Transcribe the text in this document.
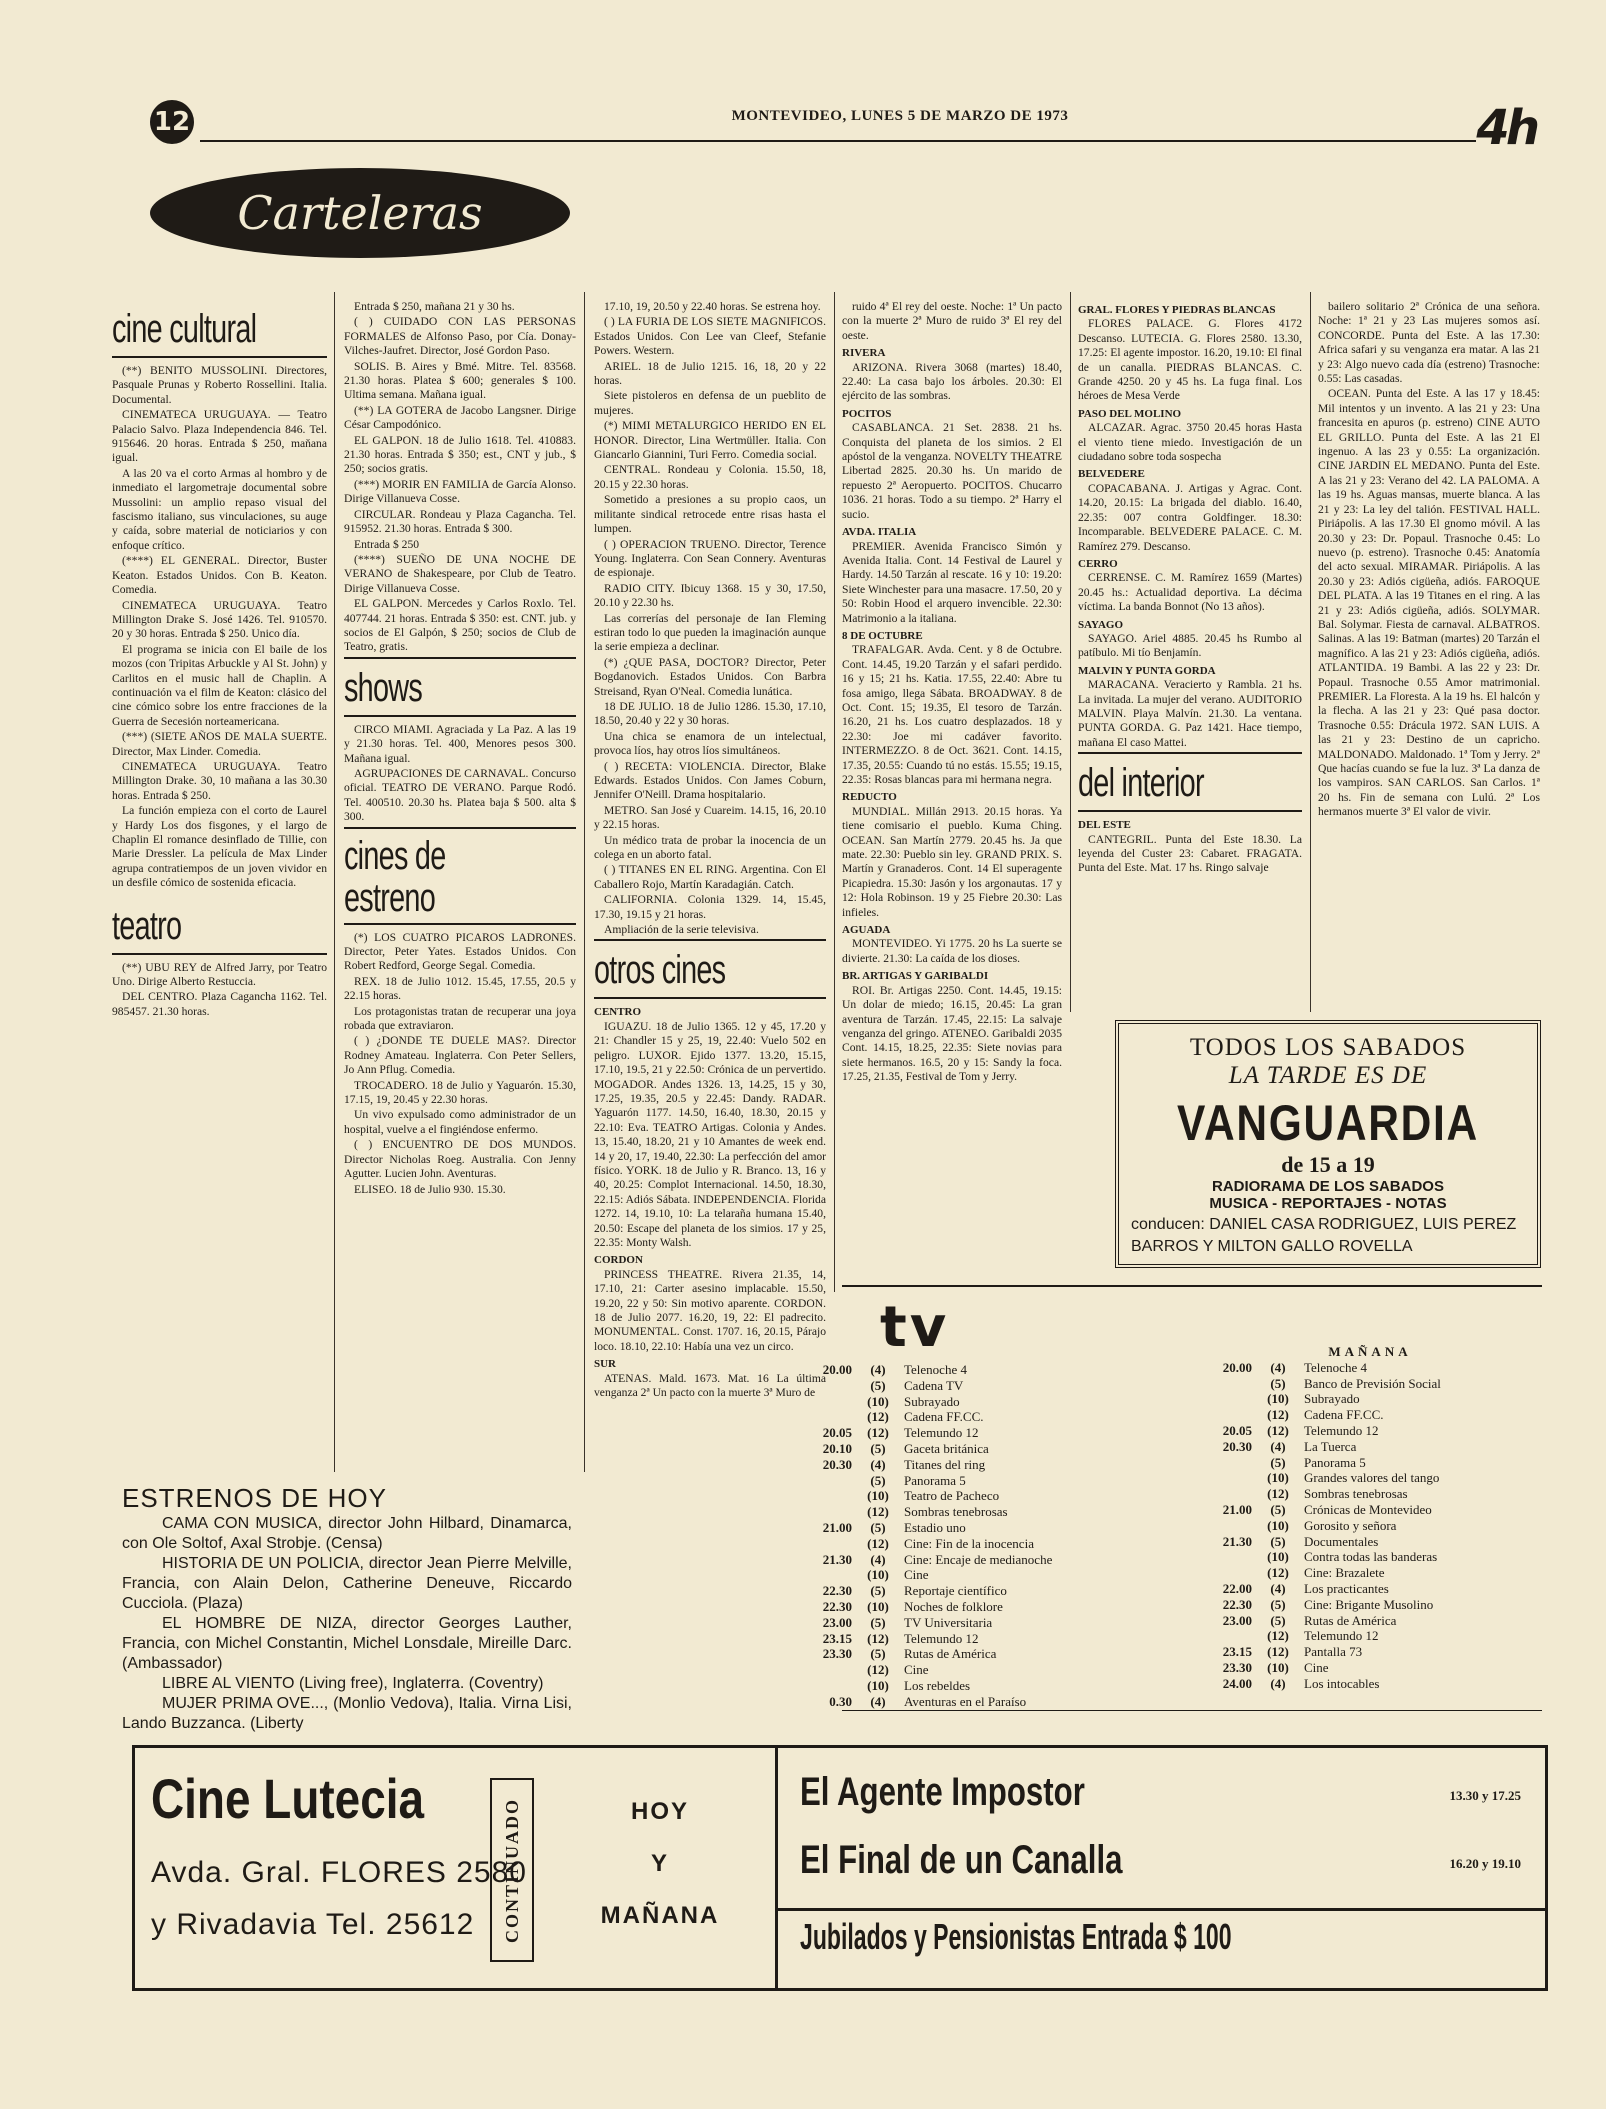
12	MONTEVIDEO, LUNES 5 DE MARZO DE 1973	4h
Carteleras
cine cultural

(**) BENITO MUSSOLINI. Directores, Pasquale Prunas y Roberto Rossellini. Italia. Documental.

CINEMATECA URUGUAYA. — Teatro Palacio Salvo. Plaza Independencia 846. Tel. 915646. 20 horas. Entrada $ 250, maňana igual.

A las 20 va el corto Armas al hombro y de inmediato el largometraje documental sobre Mussolini: un amplio repaso visual del fascismo italiano, sus vinculaciones, su auge y caída, sobre material de noticiarios y con enfoque crítico.

(****) EL GENERAL. Director, Buster Keaton. Estados Unidos. Con B. Keaton. Comedia.

CINEMATECA URUGUAYA. Teatro Millington Drake S. José 1426. Tel. 910570. 20 y 30 horas. Entrada $ 250. Unico día.

El programa se inicia con El baile de los mozos (con Tripitas Arbuckle y Al St. John) y Carlitos en el music hall de Chaplin. A continuación va el film de Keaton: clásico del cine cómico sobre los entre fracciones de la Guerra de Secesión norteamericana.

(***) (SIETE AÑOS DE MALA SUERTE. Director, Max Linder. Comedia.

CINEMATECA URUGUAYA. Teatro Millington Drake. 30, 10 mañana a las 30.30 horas. Entrada $ 250.

La función empieza con el corto de Laurel y Hardy Los dos fisgones, y el largo de Chaplin El romance desinflado de Tillie, con Marie Dressler. La película de Max Linder agrupa contratiempos de un joven vividor en un desfile cómico de sostenida eficacia.

teatro

(**) UBU REY de Alfred Jarry, por Teatro Uno. Dirige Alberto Restuccia.

DEL CENTRO. Plaza Cagancha 1162. Tel. 985457. 21.30 horas.

Entrada $ 250, mañana 21 y 30 hs.

( ) CUIDADO CON LAS PERSONAS FORMALES de Alfonso Paso, por Cía. Donay-Vilches-Jaufret. Director, José Gordon Paso.

SOLIS. B. Aires y Bmé. Mitre. Tel. 83568. 21.30 horas. Platea $ 600; generales $ 100. Ultima semana. Mañana igual.

(**) LA GOTERA de Jacobo Langsner. Dirige César Campodónico.

EL GALPON. 18 de Julio 1618. Tel. 410883. 21.30 horas. Entrada $ 350; est., CNT y jub., $ 250; socios gratis.

(***) MORIR EN FAMILIA de García Alonso. Dirige Villanueva Cosse.

CIRCULAR. Rondeau y Plaza Cagancha. Tel. 915952. 21.30 horas. Entrada $ 300.

Entrada $ 250

(****) SUEÑO DE UNA NOCHE DE VERANO de Shakespeare, por Club de Teatro. Dirige Villanueva Cosse.

EL GALPON. Mercedes y Carlos Roxlo. Tel. 407744. 21 horas. Entrada $ 350: est. CNT. jub. y socios de El Galpón, $ 250; socios de Club de Teatro, gratis.

shows

CIRCO MIAMI. Agraciada y La Paz. A las 19 y 21.30 horas. Tel. 400, Menores pesos 300. Mañana igual.

AGRUPACIONES DE CARNAVAL. Concurso oficial. TEATRO DE VERANO. Parque Rodó. Tel. 400510. 20.30 hs. Platea baja $ 500. alta $ 300.

cines de
estreno

(*) LOS CUATRO PICAROS LADRONES. Director, Peter Yates. Estados Unidos. Con Robert Redford, George Segal. Comedia.

REX. 18 de Julio 1012. 15.45, 17.55, 20.5 y 22.15 horas.

Los protagonistas tratan de recuperar una joya robada que extraviaron.

( ) ¿DONDE TE DUELE MAS?. Director Rodney Amateau. Inglaterra. Con Peter Sellers, Jo Ann Pflug. Comedia.

TROCADERO. 18 de Julio y Yaguarón. 15.30, 17.15, 19, 20.45 y 22.30 horas.

Un vivo expulsado como administrador de un hospital, vuelve a el fingiéndose enfermo.

( ) ENCUENTRO DE DOS MUNDOS. Director Nicholas Roeg. Australia. Con Jenny Agutter. Lucien John. Aventuras.

ELISEO. 18 de Julio 930. 15.30.

17.10, 19, 20.50 y 22.40 horas. Se estrena hoy.

( ) LA FURIA DE LOS SIETE MAGNIFICOS. Estados Unidos. Con Lee van Cleef, Stefanie Powers. Western.

ARIEL. 18 de Julio 1215. 16, 18, 20 y 22 horas.

Siete pistoleros en defensa de un pueblito de mujeres.

(*) MIMI METALURGICO HERIDO EN EL HONOR. Director, Lina Wertmüller. Italia. Con Giancarlo Giannini, Turi Ferro. Comedia social.

CENTRAL. Rondeau y Colonia. 15.50, 18, 20.15 y 22.30 horas.

Sometido a presiones a su propio caos, un militante sindical retrocede entre risas hasta el lumpen.

( ) OPERACION TRUENO. Director, Terence Young. Inglaterra. Con Sean Connery. Aventuras de espionaje.

RADIO CITY. Ibicuy 1368. 15 y 30, 17.50, 20.10 y 22.30 hs.

Las correrías del personaje de Ian Fleming estiran todo lo que pueden la imaginación aunque la serie empieza a declinar.

(*) ¿QUE PASA, DOCTOR? Director, Peter Bogdanovich. Estados Unidos. Con Barbra Streisand, Ryan O'Neal. Comedia lunática.

18 DE JULIO. 18 de Julio 1286. 15.30, 17.10, 18.50, 20.40 y 22 y 30 horas.

Una chica se enamora de un intelectual, provoca líos, hay otros líos simultáneos.

( ) RECETA: VIOLENCIA. Director, Blake Edwards. Estados Unidos. Con James Coburn, Jennifer O'Neill. Drama hospitalario.

METRO. San José y Cuareim. 14.15, 16, 20.10 y 22.15 horas.

Un médico trata de probar la inocencia de un colega en un aborto fatal.

( ) TITANES EN EL RING. Argentina. Con El Caballero Rojo, Martín Karadagián. Catch.

CALIFORNIA. Colonia 1329. 14, 15.45, 17.30, 19.15 y 21 horas.

Ampliación de la serie televisiva.

otros cines
CENTRO

IGUAZU. 18 de Julio 1365. 12 y 45, 17.20 y 21: Chandler 15 y 25, 19, 22.40: Vuelo 502 en peligro. LUXOR. Ejido 1377. 13.20, 15.15, 17.10, 19.5, 21 y 22.50: Crónica de un pervertido. MOGADOR. Andes 1326. 13, 14.25, 15 y 30, 17.25, 19.35, 20.5 y 22.45: Dandy. RADAR. Yaguarón 1177. 14.50, 16.40, 18.30, 20.15 y 22.10: Eva. TEATRO Artigas. Colonia y Andes. 13, 15.40, 18.20, 21 y 10 Amantes de week end. 14 y 20, 17, 19.40, 22.30: La perfección del amor físico. YORK. 18 de Julio y R. Branco. 13, 16 y 40, 20.25: Complot Internacional. 14.50, 18.30, 22.15: Adiós Sábata. INDEPENDENCIA. Florida 1272. 14, 19.10, 10: La telaraña humana 15.40, 20.50: Escape del planeta de los simios. 17 y 25, 22.35: Monty Walsh.

CORDON

PRINCESS THEATRE. Rivera 21.35, 14, 17.10, 21: Carter asesino implacable. 15.50, 19.20, 22 y 50: Sin motivo aparente. CORDON. 18 de Julio 2077. 16.20, 19, 22: El padrecito. MONUMENTAL. Const. 1707. 16, 20.15, Párajo loco. 18.10, 22.10: Había una vez un circo.

SUR

ATENAS. Mald. 1673. Mat. 16 La última venganza 2ª Un pacto con la muerte 3ª Muro de

ruido 4ª El rey del oeste. Noche: 1ª Un pacto con la muerte 2ª Muro de ruido 3ª El rey del oeste.

RIVERA

ARIZONA. Rivera 3068 (martes) 18.40, 22.40: La casa bajo los árboles. 20.30: El ejército de las sombras.

POCITOS

CASABLANCA. 21 Set. 2838. 21 hs. Conquista del planeta de los simios. 2 El apóstol de la venganza. NOVELTY THEATRE Libertad 2825. 20.30 hs. Un marido de repuesto 2ª Aeropuerto. POCITOS. Chucarro 1036. 21 horas. Todo a su tiempo. 2ª Harry el sucio.

AVDA. ITALIA

PREMIER. Avenida Francisco Simón y Avenida Italia. Cont. 14 Festival de Laurel y Hardy. 14.50 Tarzán al rescate. 16 y 10: 19.20: Siete Winchester para una masacre. 17.50, 20 y 50: Robin Hood el arquero invencible. 22.30: Matrimonio a la italiana.

8 DE OCTUBRE

TRAFALGAR. Avda. Cent. y 8 de Octubre. Cont. 14.45, 19.20 Tarzán y el safari perdido. 16 y 15; 21 hs. Katia. 17.55, 22.40: Abre tu fosa amigo, llega Sábata. BROADWAY. 8 de Oct. Cont. 15; 19.35, El tesoro de Tarzán. 16.20, 21 hs. Los cuatro desplazados. 18 y 22.30: Joe mi cadáver favorito. INTERMEZZO. 8 de Oct. 3621. Cont. 14.15, 17.35, 20.55: Cuando tú no estás. 15.55; 19.15, 22.35: Rosas blancas para mi hermana negra.

REDUCTO

MUNDIAL. Millán 2913. 20.15 horas. Ya tiene comisario el pueblo. Kuma Ching. OCEAN. San Martín 2779. 20.45 hs. Ja que mate. 22.30: Pueblo sin ley. GRAND PRIX. S. Martín y Granaderos. Cont. 14 El superagente Picapiedra. 15.30: Jasón y los argonautas. 17 y 12: Hola Robinson. 19 y 25 Fiebre 20.30: Las infieles.

AGUADA

MONTEVIDEO. Yi 1775. 20 hs La suerte se divierte. 21.30: La caída de los dioses.

BR. ARTIGAS Y GARIBALDI

ROI. Br. Artigas 2250. Cont. 14.45, 19.15: Un dolar de miedo; 16.15, 20.45: La gran aventura de Tarzán. 17.45, 22.15: La salvaje venganza del gringo. ATENEO. Garibaldi 2035 Cont. 14.15, 18.25, 22.35: Siete novias para siete hermanos. 16.5, 20 y 15: Sandy la foca. 17.25, 21.35, Festival de Tom y Jerry.

GRAL. FLORES Y PIEDRAS BLANCAS

FLORES PALACE. G. Flores 4172 Descanso. LUTECIA. G. Flores 2580. 13.30, 17.25: El agente impostor. 16.20, 19.10: El final de un canalla. PIEDRAS BLANCAS. C. Grande 4250. 20 y 45 hs. La fuga final. Los héroes de Mesa Verde

PASO DEL MOLINO

ALCAZAR. Agrac. 3750 20.45 horas Hasta el viento tiene miedo. Investigación de un ciudadano sobre toda sospecha

BELVEDERE

COPACABANA. J. Artigas y Agrac. Cont. 14.20, 20.15: La brigada del diablo. 16.40, 22.35: 007 contra Goldfinger. 18.30: Incomparable. BELVEDERE PALACE. C. M. Ramírez 279. Descanso.

CERRO

CERRENSE. C. M. Ramírez 1659 (Martes) 20.45 hs.: Actualidad deportiva. La décima víctima. La banda Bonnot (No 13 años).

SAYAGO

SAYAGO. Ariel 4885. 20.45 hs Rumbo al patíbulo. Mi tío Benjamín.

MALVIN Y PUNTA GORDA

MARACANA. Veracierto y Rambla. 21 hs. La invitada. La mujer del verano. AUDITORIO MALVIN. Playa Malvín. 21.30. La ventana. PUNTA GORDA. G. Paz 1421. Hace tiempo, mañana El caso Mattei.

del interior
DEL ESTE

CANTEGRIL. Punta del Este 18.30. La leyenda del Custer 23: Cabaret. FRAGATA. Punta del Este. Mat. 17 hs. Ringo salvaje

bailero solitario 2ª Crónica de una señora. Noche: 1ª 21 y 23 Las mujeres somos así. CONCORDE. Punta del Este. A las 17.30: Africa safari y su venganza era matar. A las 21 y 23: Algo nuevo cada día (estreno) Trasnoche: 0.55: Las casadas.

OCEAN. Punta del Este. A las 17 y 18.45: Mil intentos y un invento. A las 21 y 23: Una francesita en apuros (p. estreno) CINE AUTO EL GRILLO. Punta del Este. A las 21 El ingenuo. A las 23 y 0.55: La organización. CINE JARDIN EL MEDANO. Punta del Este. A las 21 y 23: Verano del 42. LA PALOMA. A las 19 hs. Aguas mansas, muerte blanca. A las 21 y 23: La ley del talión. FESTIVAL HALL. Piriápolis. A las 17.30 El gnomo móvil. A las 20.30 y 23: Dr. Popaul. Trasnoche 0.45: Lo nuevo (p. estreno). Trasnoche 0.45: Anatomía del acto sexual. MIRAMAR. Piriápolis. A las 20.30 y 23: Adiós cigüeña, adiós. FAROQUE DEL PLATA. A las 19 Titanes en el ring. A las 21 y 23: Adiós cigüeña, adiós. SOLYMAR. Bal. Solymar. Fiesta de carnaval. ALBATROS. Salinas. A las 19: Batman (martes) 20 Tarzán el magnífico. A las 21 y 23: Adiós cigüeña, adiós. ATLANTIDA. 19 Bambi. A las 22 y 23: Dr. Popaul. Trasnoche 0.55 Amor matrimonial. PREMIER. La Floresta. A la 19 hs. El halcón y la flecha. A las 21 y 23: Qué pasa doctor. Trasnoche 0.55: Drácula 1972. SAN LUIS. A las 21 y 23: Destino de un capricho. MALDONADO. Maldonado. 1ª Tom y Jerry. 2ª Que hacías cuando se fue la luz. 3ª La danza de los vampiros. SAN CARLOS. San Carlos. 1ª 20 hs. Fin de semana con Lulú. 2ª Los hermanos muerte 3ª El valor de vivir.

TODOS LOS SABADOS
LA TARDE ES DE
VANGUARDIA
de 15 a 19
RADIORAMA DE LOS SABADOS
MUSICA - REPORTAJES - NOTAS
conducen: DANIEL CASA RODRIGUEZ, LUIS PEREZ BARROS Y MILTON GALLO ROVELLA
ESTRENOS DE HOY

CAMA CON MUSICA, director John Hilbard, Dinamarca, con Ole Soltof, Axal Strobje. (Censa)

HISTORIA DE UN POLICIA, director Jean Pierre Melville, Francia, con Alain Delon, Catherine Deneuve, Riccardo Cucciola. (Plaza)

EL HOMBRE DE NIZA, director Georges Lauther, Francia, con Michel Constantin, Michel Lonsdale, Mireille Darc. (Ambassador)

LIBRE AL VIENTO (Living free), Inglaterra. (Coventry)

MUJER PRIMA OVE..., (Monlio Vedova), Italia. Virna Lisi, Lando Buzzanca. (Liberty

tv
20.00	(4)	Telenoche 4
(5)	Cadena TV
(10)	Subrayado
(12)	Cadena FF.CC.
20.05	(12)	Telemundo 12
20.10	(5)	Gaceta británica
20.30	(4)	Titanes del ring
(5)	Panorama 5
(10)	Teatro de Pacheco
(12)	Sombras tenebrosas
21.00	(5)	Estadio uno
(12)	Cine: Fin de la inocencia
21.30	(4)	Cine: Encaje de medianoche
(10)	Cine
22.30	(5)	Reportaje científico
22.30	(10)	Noches de folklore
23.00	(5)	TV Universitaria
23.15	(12)	Telemundo 12
23.30	(5)	Rutas de América
(12)	Cine
(10)	Los rebeldes
0.30	(4)	Aventuras en el Paraíso
MAÑANA
20.00	(4)	Telenoche 4
(5)	Banco de Previsión Social
(10)	Subrayado
(12)	Cadena FF.CC.
20.05	(12)	Telemundo 12
20.30	(4)	La Tuerca
(5)	Panorama 5
(10)	Grandes valores del tango
(12)	Sombras tenebrosas
21.00	(5)	Crónicas de Montevideo
(10)	Gorosito y señora
21.30	(5)	Documentales
(10)	Contra todas las banderas
(12)	Cine: Brazalete
22.00	(4)	Los practicantes
22.30	(5)	Cine: Brigante Musolino
23.00	(5)	Rutas de América
(12)	Telemundo 12
23.15	(12)	Pantalla 73
23.30	(10)	Cine
24.00	(4)	Los intocables
Cine Lutecia
Avda. Gral. FLORES 2580
y Rivadavia Tel. 25612 CONTINUADO	HOY
Y
MAÑANA
El Agente Impostor	13.30 y 17.25
El Final de un Canalla	16.20 y 19.10
Jubilados y Pensionistas Entrada $ 100
